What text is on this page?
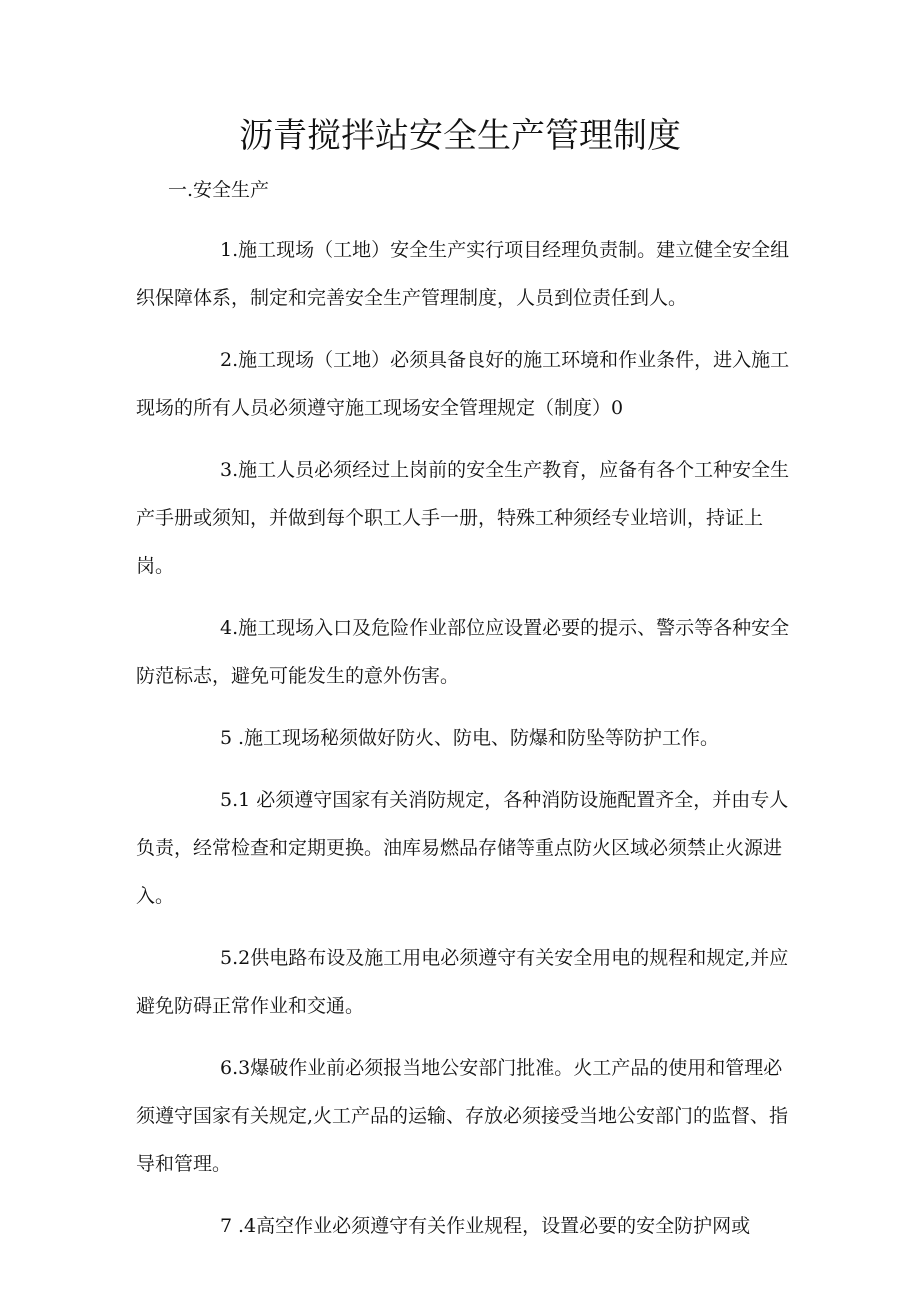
沥青搅拌站安全生产管理制度
一.安全生产

1.施工现场（工地）安全生产实行项目经理负责制。建立健全安全组织保障体系，制定和完善安全生产管理制度，人员到位责任到人。

2.施工现场（工地）必须具备良好的施工环境和作业条件，进入施工现场的所有人员必须遵守施工现场安全管理规定（制度）0

3.施工人员必须经过上岗前的安全生产教育，应备有各个工种安全生产手册或须知，并做到每个职工人手一册，特殊工种须经专业培训，持证上岗。

4.施工现场入口及危险作业部位应设置必要的提示、警示等各种安全防范标志，避免可能发生的意外伤害。

5 .施工现场秘须做好防火、防电、防爆和防坠等防护工作。

5.1 必须遵守国家有关消防规定，各种消防设施配置齐全，并由专人负责，经常检查和定期更换。油库易燃品存储等重点防火区域必须禁止火源进入。

5.2供电路布设及施工用电必须遵守有关安全用电的规程和规定,并应避免防碍正常作业和交通。

6.3爆破作业前必须报当地公安部门批准。火工产品的使用和管理必须遵守国家有关规定,火工产品的运输、存放必须接受当地公安部门的监督、指导和管理。

7 .4高空作业必须遵守有关作业规程，设置必要的安全防护网或
